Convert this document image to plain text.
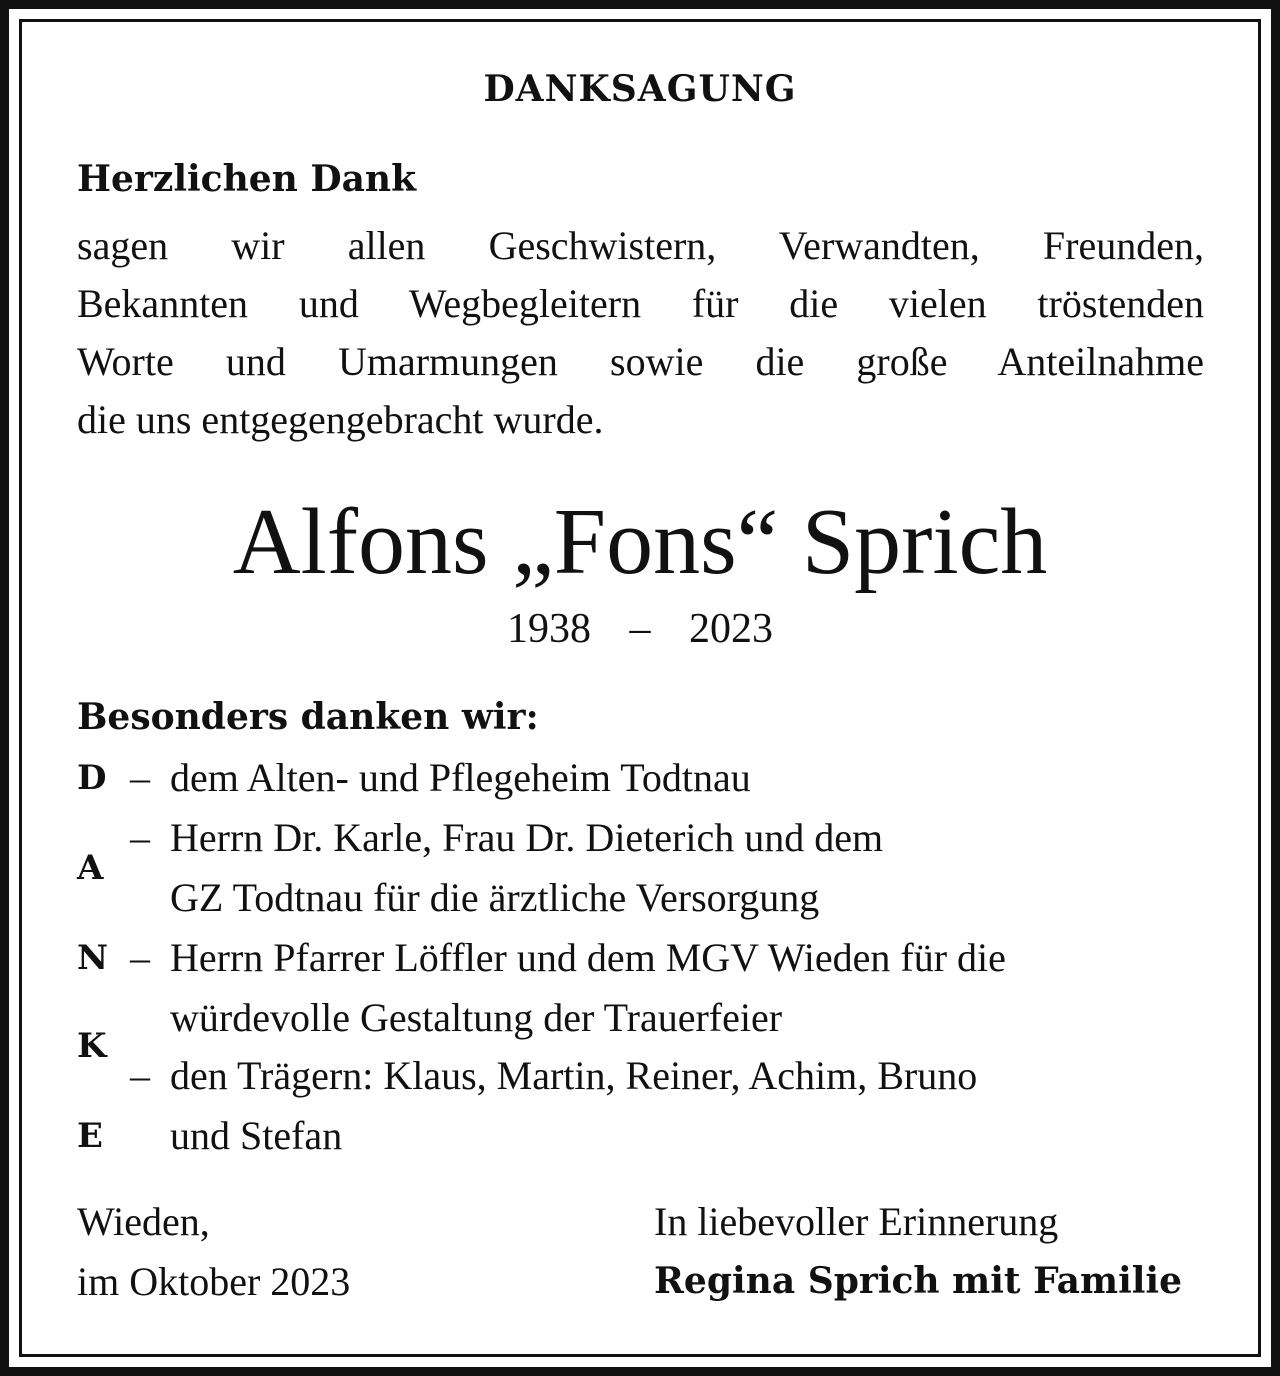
DANKSAGUNG
Herzlichen Dank
sagen wir allen Geschwistern, Verwandten, Freunden,
Bekannten und Wegbegleitern für die vielen tröstenden
Worte und Umarmungen sowie die große Anteilnahme
die uns entgegengebracht wurde.
Alfons „Fons“ Sprich
1938 – 2023
Besonders danken wir:
D
A
N
K
E
–
–
–
–
dem Alten- und Pflegeheim Todtnau
Herrn Dr. Karle, Frau Dr. Dieterich und dem
GZ Todtnau für die ärztliche Versorgung
Herrn Pfarrer Löffler und dem MGV Wieden für die
würdevolle Gestaltung der Trauerfeier
den Trägern: Klaus, Martin, Reiner, Achim, Bruno
und Stefan
Wieden,
im Oktober 2023
In liebevoller Erinnerung
Regina Sprich mit Familie
